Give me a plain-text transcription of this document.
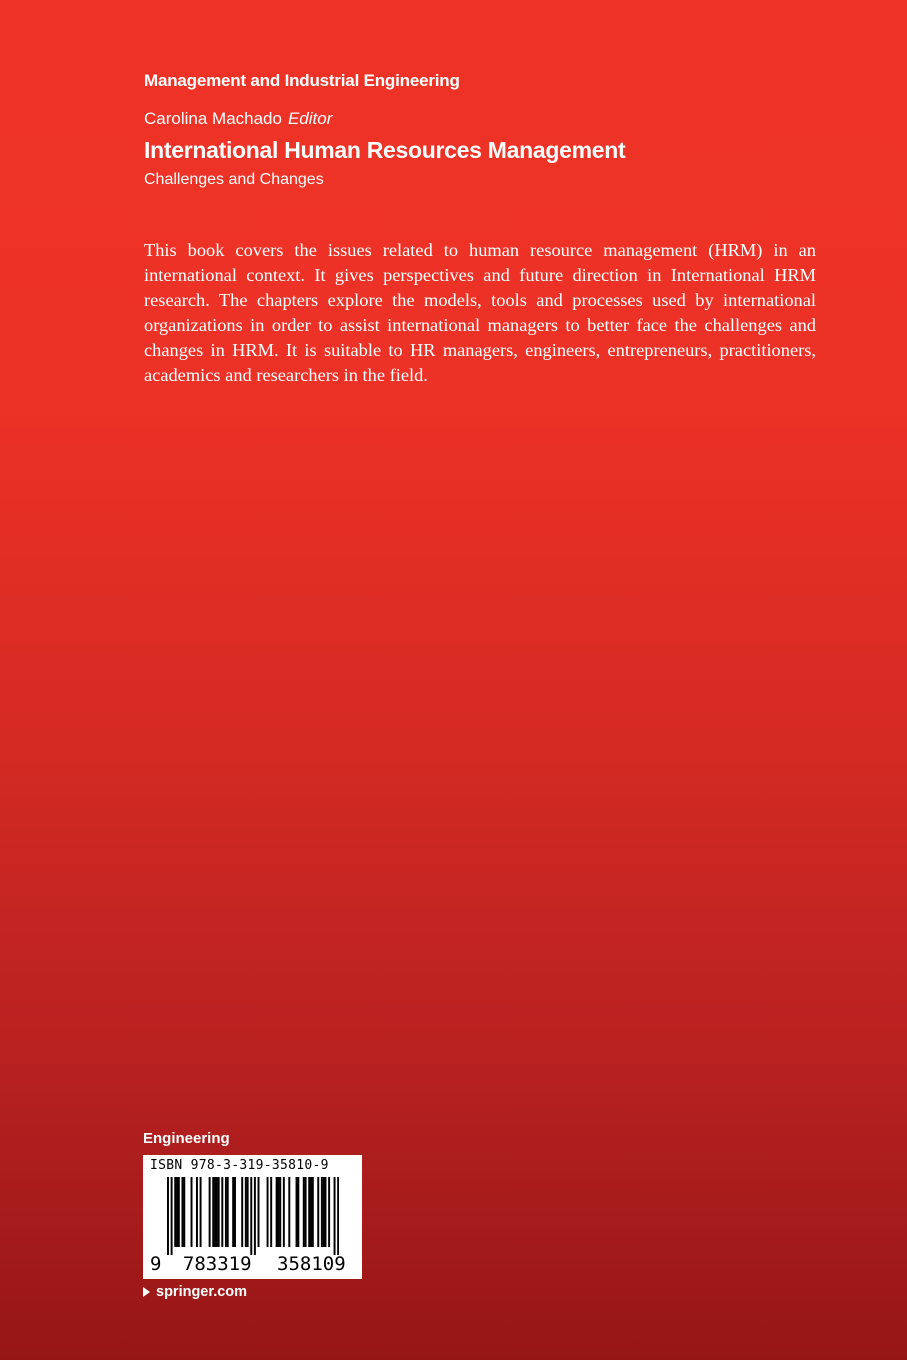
Management and Industrial Engineering
Carolina Machado Editor
International Human Resources Management
Challenges and Changes

This book covers the issues related to human resource management (HRM) in an international context. It gives perspectives and future direction in International HRM research. The chapters explore the models, tools and processes used by international organizations in order to assist international managers to better face the challenges and changes in HRM. It is suitable to HR managers, engineers, entrepreneurs, practitioners, academics and researchers in the field.

Engineering
ISBN 978-3-319-35810-9
9 783319 358109
springer.com
